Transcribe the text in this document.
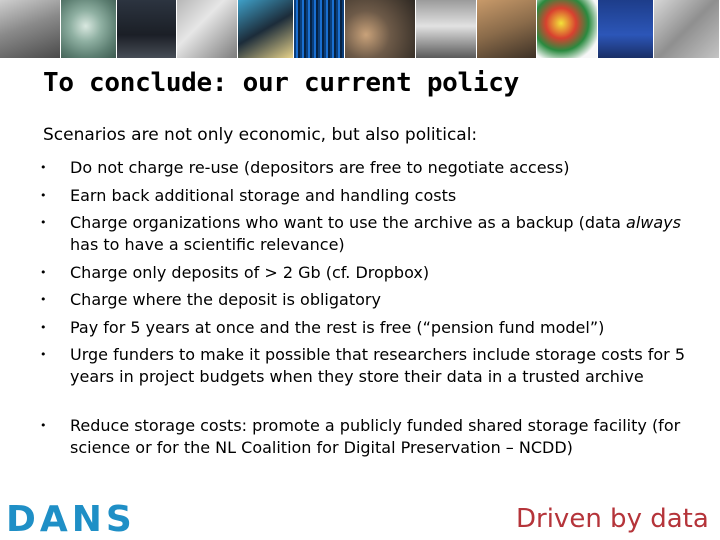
To conclude: our current policy

Scenarios are not only economic, but also political:

• Do not charge re-use (depositors are free to negotiate access)
• Earn back additional storage and handling costs
• Charge organizations who want to use the archive as a backup (data always has to have a scientific relevance)
• Charge only deposits of > 2 Gb (cf. Dropbox)
• Charge where the deposit is obligatory
• Pay for 5 years at once and the rest is free (“pension fund model”)
• Urge funders to make it possible that researchers include storage costs for 5 years in project budgets when they store their data in a trusted archive
• Reduce storage costs: promote a publicly funded shared storage facility (for science or for the NL Coalition for Digital Preservation – NCDD)
DANS	Driven by data
